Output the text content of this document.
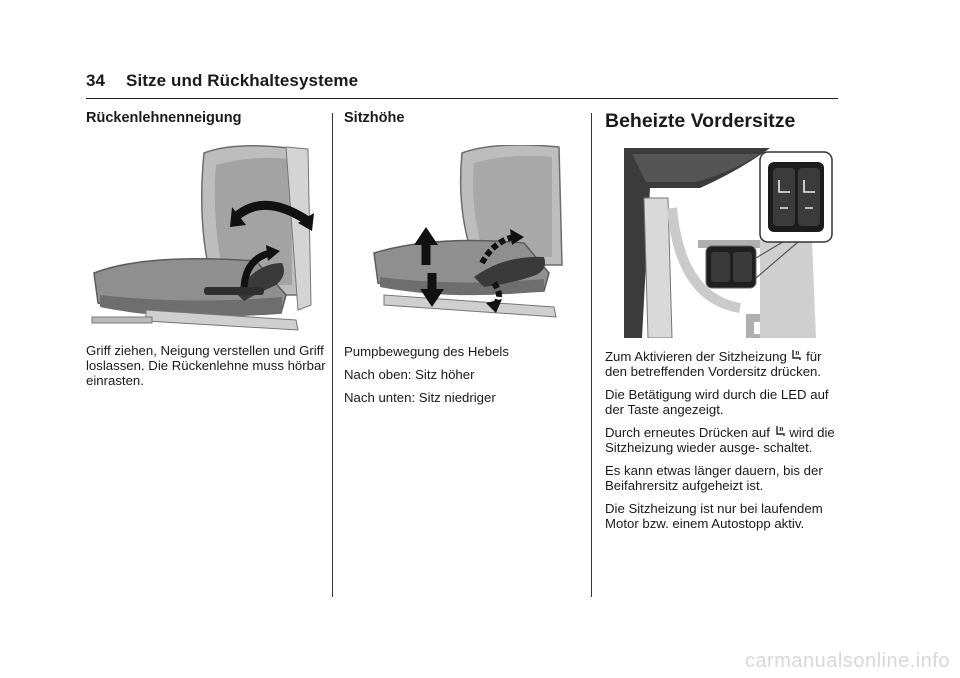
34 Sitze und Rückhaltesysteme
Rückenlehnenneigung

Griff ziehen, Neigung verstellen und Griff loslassen. Die Rückenlehne muss hörbar einrasten.

Sitzhöhe

Pumpbewegung des Hebels

Nach oben: Sitz höher

Nach unten: Sitz niedriger

Beheizte Vordersitze

Zum Aktivieren der Sitzheizung für den betreffenden Vordersitz drücken.

Die Betätigung wird durch die LED auf der Taste angezeigt.

Durch erneutes Drücken auf wird die Sitzheizung wieder ausge- schaltet.

Es kann etwas länger dauern, bis der Beifahrersitz aufgeheizt ist.

Die Sitzheizung ist nur bei laufendem Motor bzw. einem Autostopp aktiv.

carmanualsonline.info
